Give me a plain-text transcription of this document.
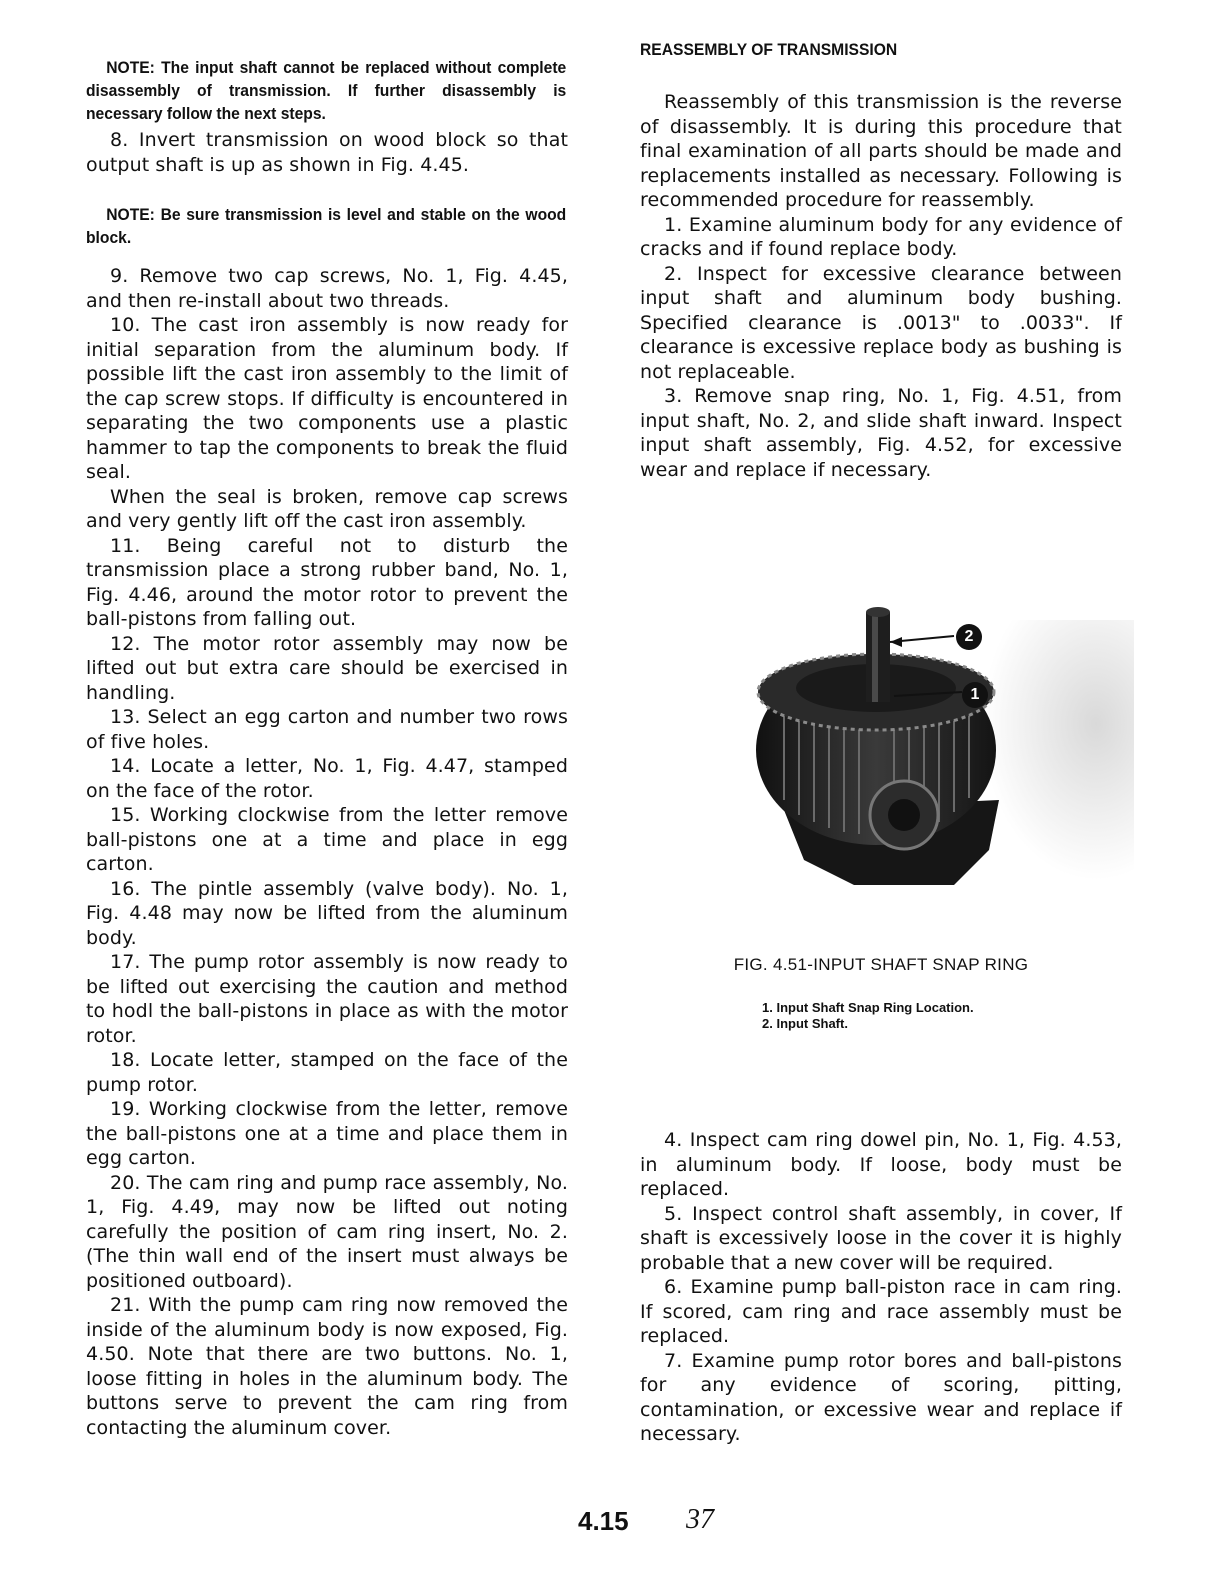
NOTE: The input shaft cannot be replaced without complete disassembly of transmission. If further disassembly is necessary follow the next steps.

8. Invert transmission on wood block so that output shaft is up as shown in Fig. 4.45.

NOTE: Be sure transmission is level and stable on the wood block.

9. Remove two cap screws, No. 1, Fig. 4.45, and then re-install about two threads.

10. The cast iron assembly is now ready for initial separation from the aluminum body. If possible lift the cast iron assembly to the limit of the cap screw stops. If difficulty is encountered in separating the two components use a plastic hammer to tap the components to break the fluid seal.

When the seal is broken, remove cap screws and very gently lift off the cast iron assembly.

11. Being careful not to disturb the transmission place a strong rubber band, No. 1, Fig. 4.46, around the motor rotor to prevent the ball-pistons from falling out.

12. The motor rotor assembly may now be lifted out but extra care should be exercised in handling.

13. Select an egg carton and number two rows of five holes.

14. Locate a letter, No. 1, Fig. 4.47, stamped on the face of the rotor.

15. Working clockwise from the letter remove ball-pistons one at a time and place in egg carton.

16. The pintle assembly (valve body). No. 1, Fig. 4.48 may now be lifted from the aluminum body.

17. The pump rotor assembly is now ready to be lifted out exercising the caution and method to hodl the ball-pistons in place as with the motor rotor.

18. Locate letter, stamped on the face of the pump rotor.

19. Working clockwise from the letter, remove the ball-pistons one at a time and place them in egg carton.

20. The cam ring and pump race assembly, No. 1, Fig. 4.49, may now be lifted out noting carefully the position of cam ring insert, No. 2. (The thin wall end of the insert must always be positioned outboard).

21. With the pump cam ring now removed the inside of the aluminum body is now exposed, Fig. 4.50. Note that there are two buttons. No. 1, loose fitting in holes in the aluminum body. The buttons serve to prevent the cam ring from contacting the aluminum cover.

REASSEMBLY OF TRANSMISSION

Reassembly of this transmission is the reverse of disassembly. It is during this procedure that final examination of all parts should be made and replacements installed as necessary. Following is recommended procedure for reassembly.

1. Examine aluminum body for any evidence of cracks and if found replace body.

2. Inspect for excessive clearance between input shaft and aluminum body bushing. Specified clearance is .0013" to .0033". If clearance is excessive replace body as bushing is not replaceable.

3. Remove snap ring, No. 1, Fig. 4.51, from input shaft, No. 2, and slide shaft inward. Inspect input shaft assembly, Fig. 4.52, for excessive wear and replace if necessary.

4. Inspect cam ring dowel pin, No. 1, Fig. 4.53, in aluminum body. If loose, body must be replaced.

5. Inspect control shaft assembly, in cover, If shaft is excessively loose in the cover it is highly probable that a new cover will be required.

6. Examine pump ball-piston race in cam ring. If scored, cam ring and race assembly must be replaced.

7. Examine pump rotor bores and ball-pistons for any evidence of scoring, pitting, contamination, or excessive wear and replace if necessary.

2
1
FIG. 4.51-INPUT SHAFT SNAP RING
1. Input Shaft Snap Ring Location.
2. Input Shaft.
4.15 37
